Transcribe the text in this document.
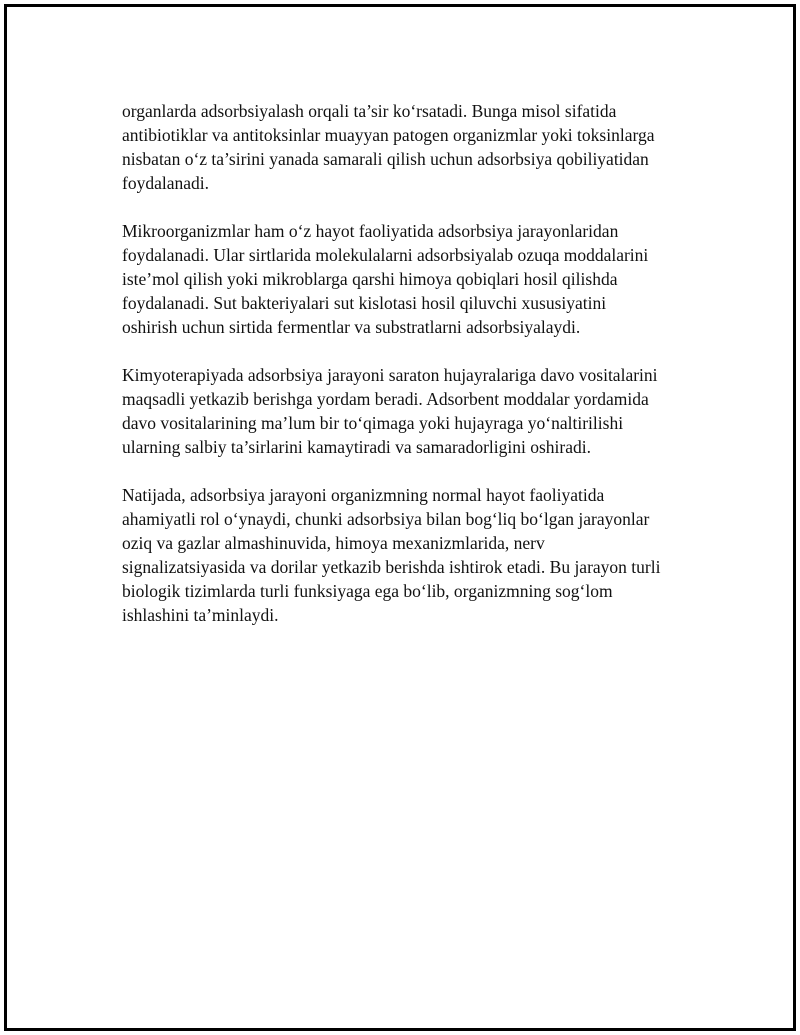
organlarda adsorbsiyalash orqali ta’sir ko‘rsatadi. Bunga misol sifatida
antibiotiklar va antitoksinlar muayyan patogen organizmlar yoki toksinlarga
nisbatan o‘z ta’sirini yanada samarali qilish uchun adsorbsiya qobiliyatidan
foydalanadi.

Mikroorganizmlar ham o‘z hayot faoliyatida adsorbsiya jarayonlaridan
foydalanadi. Ular sirtlarida molekulalarni adsorbsiyalab ozuqa moddalarini
iste’mol qilish yoki mikroblarga qarshi himoya qobiqlari hosil qilishda
foydalanadi. Sut bakteriyalari sut kislotasi hosil qiluvchi xususiyatini
oshirish uchun sirtida fermentlar va substratlarni adsorbsiyalaydi.

Kimyoterapiyada adsorbsiya jarayoni saraton hujayralariga davo vositalarini
maqsadli yetkazib berishga yordam beradi. Adsorbent moddalar yordamida
davo vositalarining ma’lum bir to‘qimaga yoki hujayraga yo‘naltirilishi
ularning salbiy ta’sirlarini kamaytiradi va samaradorligini oshiradi.

Natijada, adsorbsiya jarayoni organizmning normal hayot faoliyatida
ahamiyatli rol o‘ynaydi, chunki adsorbsiya bilan bog‘liq bo‘lgan jarayonlar
oziq va gazlar almashinuvida, himoya mexanizmlarida, nerv
signalizatsiyasida va dorilar yetkazib berishda ishtirok etadi. Bu jarayon turli
biologik tizimlarda turli funksiyaga ega bo‘lib, organizmning sog‘lom
ishlashini ta’minlaydi.
